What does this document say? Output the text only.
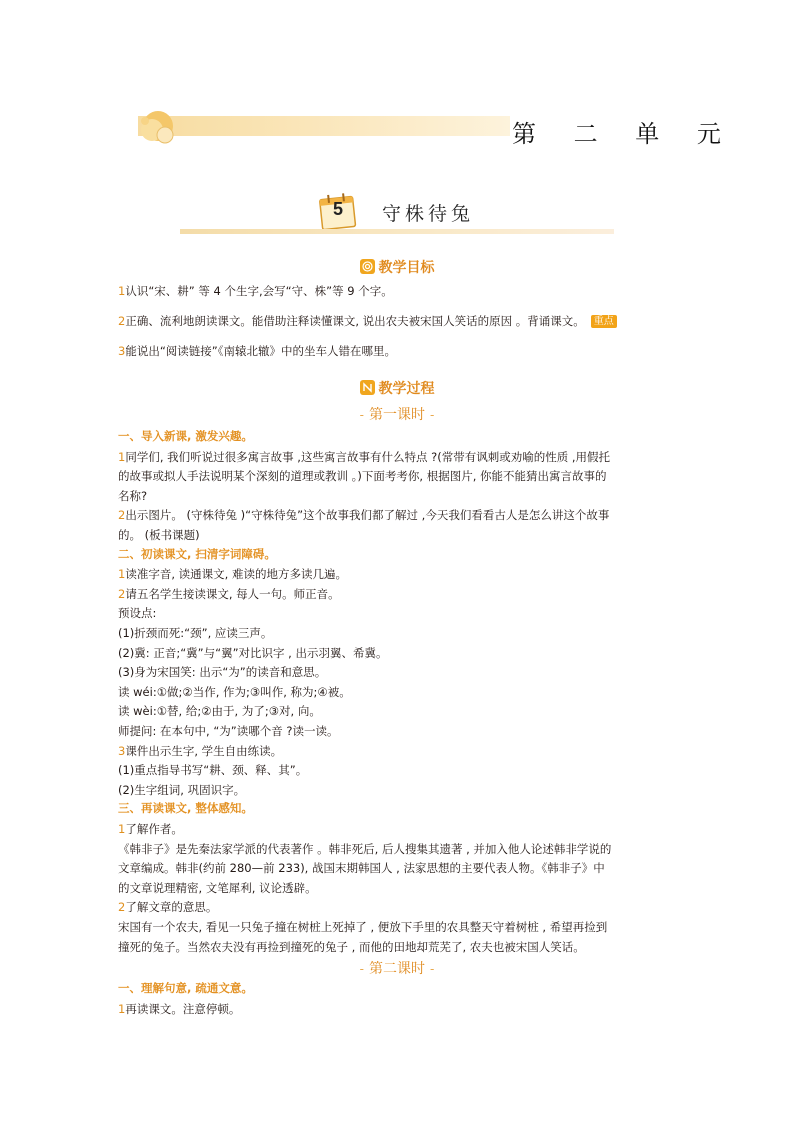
第 二 单 元
5 守株待兔
教学目标
1认识“宋、耕” 等 4 个生字,会写“守、株”等 9 个字。
2正确、流利地朗读课文。能借助注释读懂课文, 说出农夫被宋国人笑话的原因 。背诵课文。 重点
3能说出“阅读链接”《南辕北辙》中的坐车人错在哪里。
教学过程
- 第一课时 -
一、导入新课, 激发兴趣。
1同学们, 我们听说过很多寓言故事 ,这些寓言故事有什么特点 ?(常带有讽刺或劝喻的性质 ,用假托
的故事或拟人手法说明某个深刻的道理或教训 。)下面考考你, 根据图片, 你能不能猜出寓言故事的
名称?
2出示图片。 (守株待兔 )“守株待兔”这个故事我们都了解过 ,今天我们看看古人是怎么讲这个故事
的。 (板书课题)
二、初读课文, 扫清字词障碍。
1读准字音, 读通课文, 难读的地方多读几遍。
2请五名学生接读课文, 每人一句。师正音。
预设点:
(1)折颈而死:“颈”, 应读三声。
(2)冀: 正音;“冀”与“翼”对比识字 , 出示羽翼、希冀。
(3)身为宋国笑: 出示“为”的读音和意思。
读 wéi:①做;②当作, 作为;③叫作, 称为;④被。
读 wèi:①替, 给;②由于, 为了;③对, 向。
师提问: 在本句中, “为”读哪个音 ?读一读。
3课件出示生字, 学生自由练读。
(1)重点指导书写“耕、颈、释、其”。
(2)生字组词, 巩固识字。
三、再读课文, 整体感知。
1了解作者。
《韩非子》是先秦法家学派的代表著作 。韩非死后, 后人搜集其遗著 , 并加入他人论述韩非学说的
文章编成。韩非(约前 280—前 233), 战国末期韩国人 , 法家思想的主要代表人物。《韩非子》中
的文章说理精密, 文笔犀利, 议论透辟。
2了解文章的意思。
宋国有一个农夫, 看见一只兔子撞在树桩上死掉了 , 便放下手里的农具整天守着树桩 , 希望再捡到
撞死的兔子。当然农夫没有再捡到撞死的兔子 , 而他的田地却荒芜了, 农夫也被宋国人笑话。
一、理解句意, 疏通文意。
1再读课文。注意停顿。
- 第二课时 -
